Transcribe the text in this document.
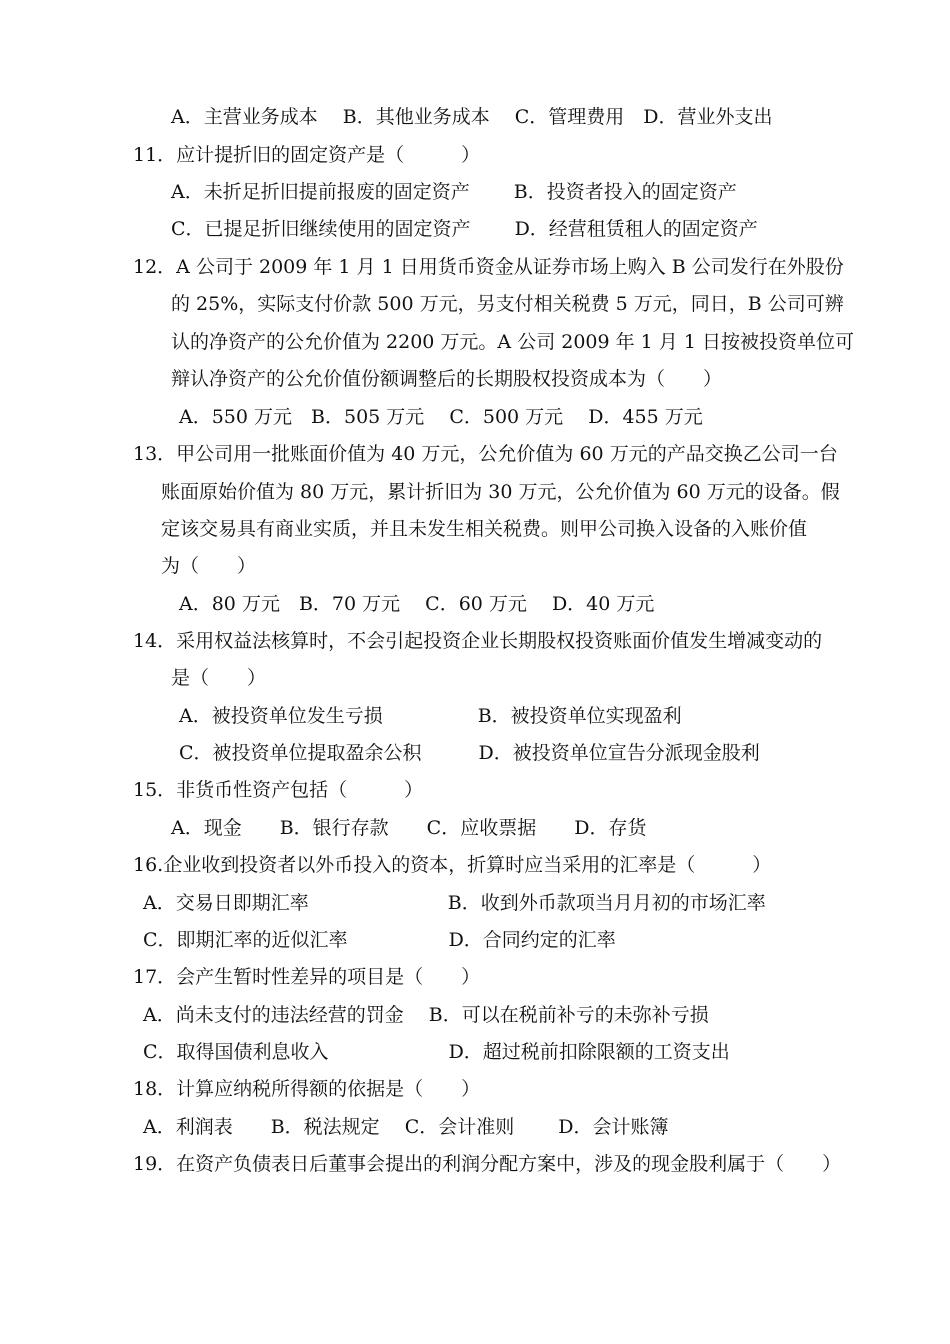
A．主营业务成本　 B．其他业务成本　 C．管理费用　D．营业外支出
11．应计提折旧的固定资产是（　　　）
A．未折足折旧提前报废的固定资产　　 B．投资者投入的固定资产
C．已提足折旧继续使用的固定资产　　 D．经营租赁租人的固定资产
12．A 公司于 2009 年 1 月 1 日用货币资金从证券市场上购入 B 公司发行在外股份
的 25%，实际支付价款 500 万元，另支付相关税费 5 万元，同日，B 公司可辨
认的净资产的公允价值为 2200 万元。A 公司 2009 年 1 月 1 日按被投资单位可
辩认净资产的公允价值份额调整后的长期股权投资成本为（　　）
A．550 万元　B．505 万元　 C．500 万元　 D．455 万元
13．甲公司用一批账面价值为 40 万元，公允价值为 60 万元的产品交换乙公司一台
账面原始价值为 80 万元，累计折旧为 30 万元，公允价值为 60 万元的设备。假
定该交易具有商业实质，并且未发生相关税费。则甲公司换入设备的入账价值
为（　　）
A．80 万元　B．70 万元　 C．60 万元　 D．40 万元
14．采用权益法核算时，不会引起投资企业长期股权投资账面价值发生增减变动的
是（　　）
A．被投资单位发生亏损　　　　　B．被投资单位实现盈利
C．被投资单位提取盈余公积　　　D．被投资单位宣告分派现金股利
15．非货币性资产包括（　　　）
A．现金　　B．银行存款　　C．应收票据　　D．存货
16.企业收到投资者以外币投入的资本，折算时应当采用的汇率是（　　　）
A．交易日即期汇率　　　　　　　 B．收到外币款项当月月初的市场汇率
C．即期汇率的近似汇率　　　　　 D．合同约定的汇率
17．会产生暂时性差异的项目是（　　）
A．尚未支付的违法经营的罚金　 B．可以在税前补亏的未弥补亏损
C．取得国债利息收入　　　　　　 D．超过税前扣除限额的工资支出
18．计算应纳税所得额的依据是（　　）
A．利润表　　B．税法规定　 C．会计准则　　 D．会计账簿
19．在资产负债表日后董事会提出的利润分配方案中，涉及的现金股利属于（　　）
